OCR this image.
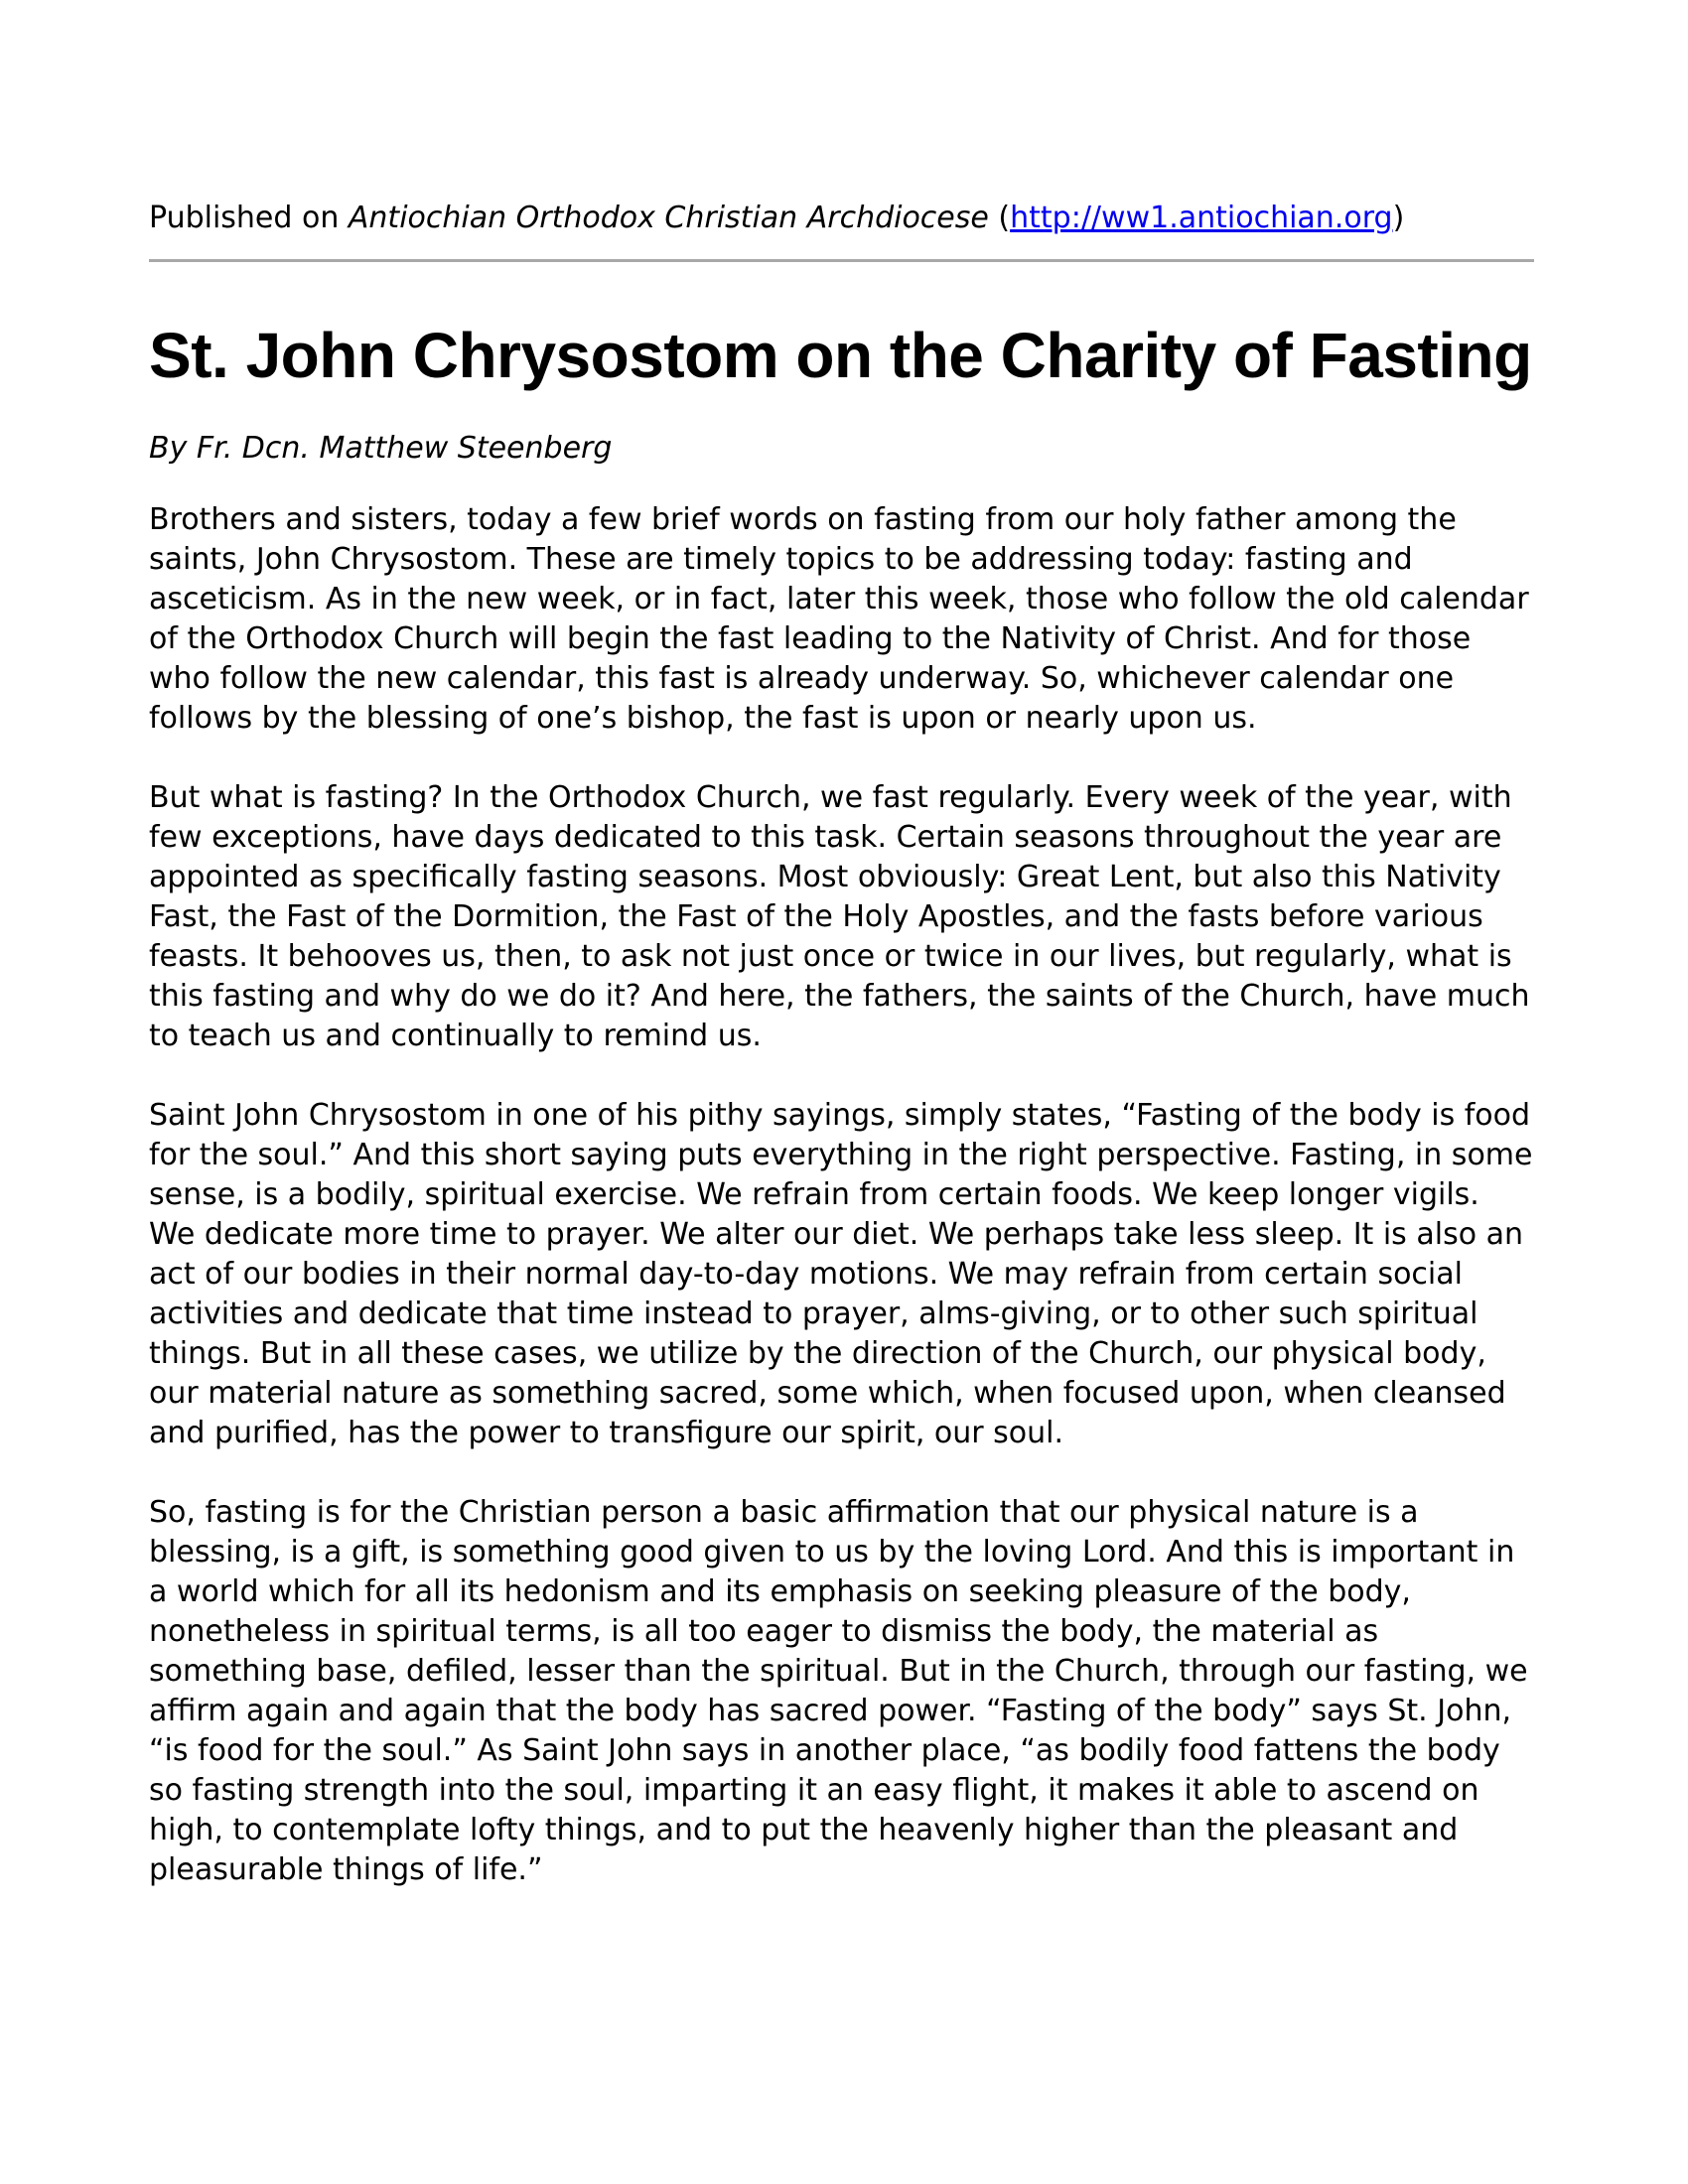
Published on Antiochian Orthodox Christian Archdiocese (http://ww1.antiochian.org)
St. John Chrysostom on the Charity of Fasting
By Fr. Dcn. Matthew Steenberg

Brothers and sisters, today a few brief words on fasting from our holy father among the saints, John Chrysostom. These are timely topics to be addressing today: fasting and asceticism. As in the new week, or in fact, later this week, those who follow the old calendar of the Orthodox Church will begin the fast leading to the Nativity of Christ. And for those who follow the new calendar, this fast is already underway. So, whichever calendar one follows by the blessing of one’s bishop, the fast is upon or nearly upon us.

But what is fasting? In the Orthodox Church, we fast regularly. Every week of the year, with few exceptions, have days dedicated to this task. Certain seasons throughout the year are appointed as specifically fasting seasons. Most obviously: Great Lent, but also this Nativity Fast, the Fast of the Dormition, the Fast of the Holy Apostles, and the fasts before various feasts. It behooves us, then, to ask not just once or twice in our lives, but regularly, what is this fasting and why do we do it? And here, the fathers, the saints of the Church, have much to teach us and continually to remind us.

Saint John Chrysostom in one of his pithy sayings, simply states, “Fasting of the body is food for the soul.” And this short saying puts everything in the right perspective. Fasting, in some sense, is a bodily, spiritual exercise. We refrain from certain foods. We keep longer vigils. We dedicate more time to prayer. We alter our diet. We perhaps take less sleep. It is also an act of our bodies in their normal day-to-day motions. We may refrain from certain social activities and dedicate that time instead to prayer, alms-giving, or to other such spiritual things. But in all these cases, we utilize by the direction of the Church, our physical body, our material nature as something sacred, some which, when focused upon, when cleansed and purified, has the power to transfigure our spirit, our soul.

So, fasting is for the Christian person a basic affirmation that our physical nature is a blessing, is a gift, is something good given to us by the loving Lord. And this is important in a world which for all its hedonism and its emphasis on seeking pleasure of the body, nonetheless in spiritual terms, is all too eager to dismiss the body, the material as something base, defiled, lesser than the spiritual. But in the Church, through our fasting, we affirm again and again that the body has sacred power. “Fasting of the body” says St. John, “is food for the soul.” As Saint John says in another place, “as bodily food fattens the body so fasting strength into the soul, imparting it an easy flight, it makes it able to ascend on high, to contemplate lofty things, and to put the heavenly higher than the pleasant and pleasurable things of life.”
